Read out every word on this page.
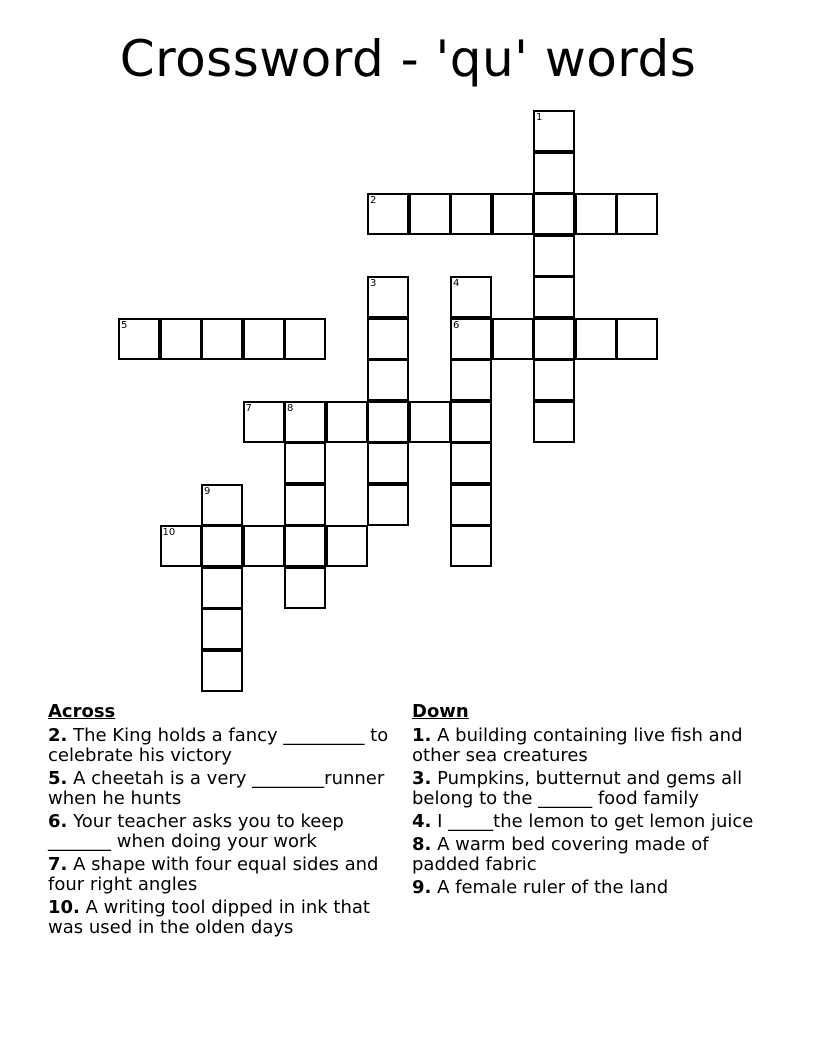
Crossword - 'qu' words
1
2
3	4
5	6
7	8
9
10
Across
2. The King holds a fancy _________ to celebrate his victory
5. A cheetah is a very ________runner when he hunts
6. Your teacher asks you to keep _______ when doing your work
7. A shape with four equal sides and four right angles
10. A writing tool dipped in ink that was used in the olden days
Down
1. A building containing live fish and other sea creatures
3. Pumpkins, butternut and gems all belong to the ______ food family
4. I _____the lemon to get lemon juice
8. A warm bed covering made of padded fabric
9. A female ruler of the land
